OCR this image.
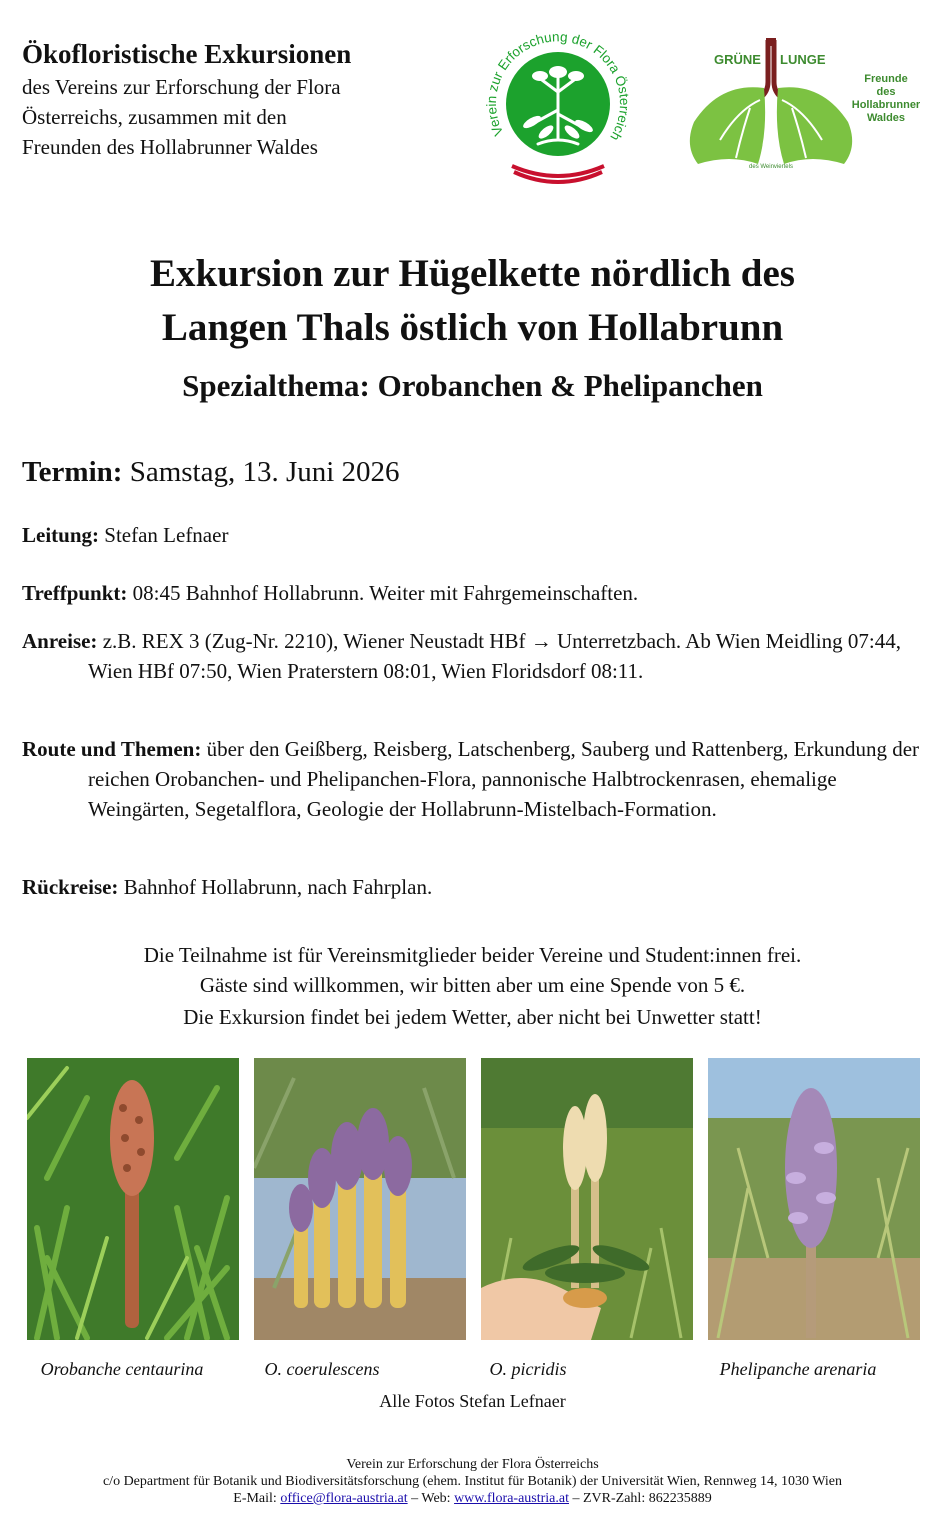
Ökofloristische Exkursionen
des Vereins zur Erforschung der Flora
Österreichs, zusammen mit den
Freunden des Hollabrunner Waldes
Verein zur Erforschung der Flora Österreich
GRÜNE LUNGE
des Weinviertels
Freunde
des
Hollabrunner
Waldes
Exkursion zur Hügelkette nördlich des
Langen Thals östlich von Hollabrunn
Spezialthema: Orobanchen & Phelipanchen
Termin: Samstag, 13. Juni 2026
Leitung: Stefan Lefnaer
Treffpunkt: 08:45 Bahnhof Hollabrunn. Weiter mit Fahrgemeinschaften.
Anreise: z.B. REX 3 (Zug-Nr. 2210), Wiener Neustadt HBf → Unterretzbach. Ab Wien Meidling 07:44, Wien HBf 07:50, Wien Praterstern 08:01, Wien Floridsdorf 08:11.
Route und Themen: über den Geißberg, Reisberg, Latschenberg, Sauberg und Rattenberg, Erkundung der reichen Orobanchen- und Phelipanchen-Flora, pannonische Halbtrockenrasen, ehemalige Weingärten, Segetalflora, Geologie der Hollabrunn-Mistelbach-Formation.
Rückreise: Bahnhof Hollabrunn, nach Fahrplan.
Die Teilnahme ist für Vereinsmitglieder beider Vereine und Student:innen frei.
Gäste sind willkommen, wir bitten aber um eine Spende von 5 €.
Die Exkursion findet bei jedem Wetter, aber nicht bei Unwetter statt!
Orobanche centaurina	O. coerulescens	O. picridis	Phelipanche arenaria
Alle Fotos Stefan Lefnaer
Verein zur Erforschung der Flora Österreichs
c/o Department für Botanik und Biodiversitätsforschung (ehem. Institut für Botanik) der Universität Wien, Rennweg 14, 1030 Wien
E-Mail: office@flora-austria.at – Web: www.flora-austria.at – ZVR-Zahl: 862235889
